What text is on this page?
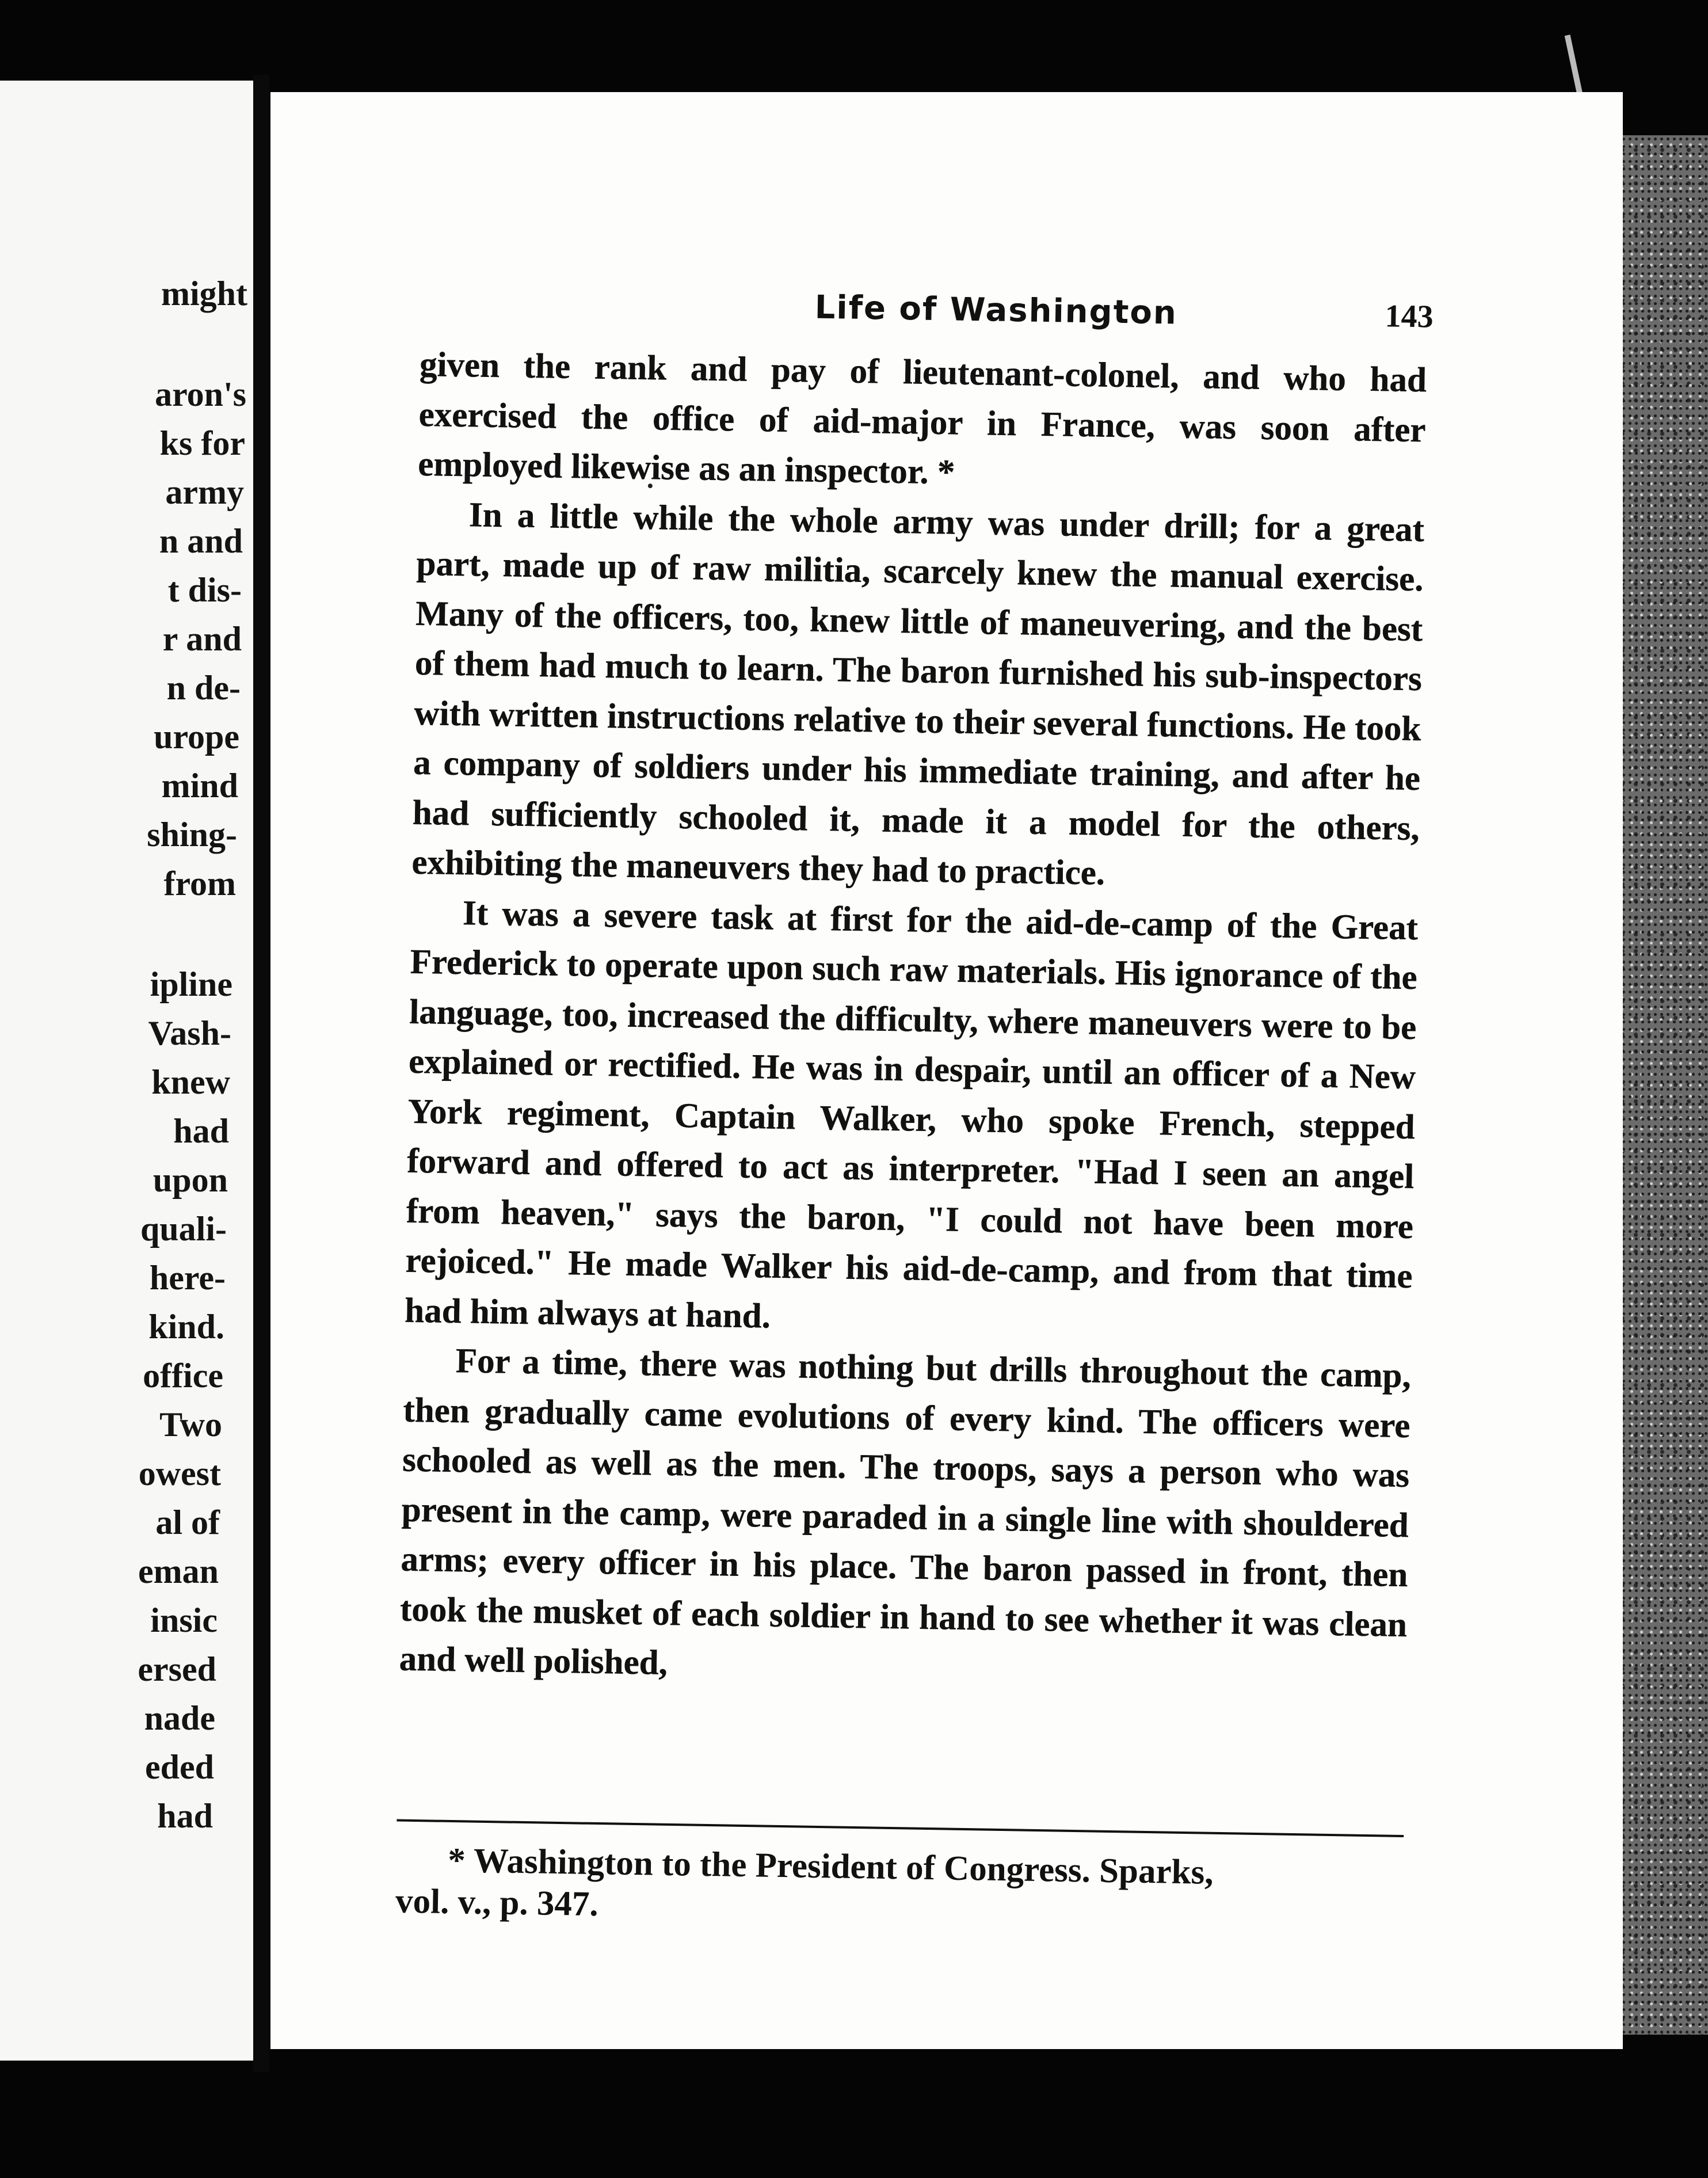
might
aron's
ks for
army
n and
t dis-
r and
n de-
urope
mind
shing-
from
ipline
Vash-
knew
had
upon
quali-
here-
kind.
office
Two
owest
al of
eman
insic
ersed
nade
eded
had
Life of Washington	143

given the rank and pay of lieutenant-colonel, and who had exercised the office of aid-major in France, was soon after employed likewise as an inspector. *

In a little while the whole army was under drill; for a great part, made up of raw militia, scarcely knew the manual exercise. Many of the officers, too, knew little of maneuvering, and the best of them had much to learn. The baron furnished his sub-inspectors with written instructions relative to their several functions. He took a company of soldiers under his immediate training, and after he had sufficiently schooled it, made it a model for the others, exhibiting the maneuvers they had to practice.

It was a severe task at first for the aid-de-camp of the Great Frederick to operate upon such raw materials. His ignorance of the language, too, increased the difficulty, where maneuvers were to be explained or rectified. He was in despair, until an officer of a New York regiment, Captain Walker, who spoke French, stepped forward and offered to act as interpreter. "Had I seen an angel from heaven," says the baron, "I could not have been more rejoiced." He made Walker his aid-de-camp, and from that time had him always at hand.

For a time, there was nothing but drills throughout the camp, then gradually came evolutions of every kind. The officers were schooled as well as the men. The troops, says a person who was present in the camp, were paraded in a single line with shouldered arms; every officer in his place. The baron passed in front, then took the musket of each soldier in hand to see whether it was clean and well polished,

* Washington to the President of Congress. Sparks,
vol. v., p. 347.
